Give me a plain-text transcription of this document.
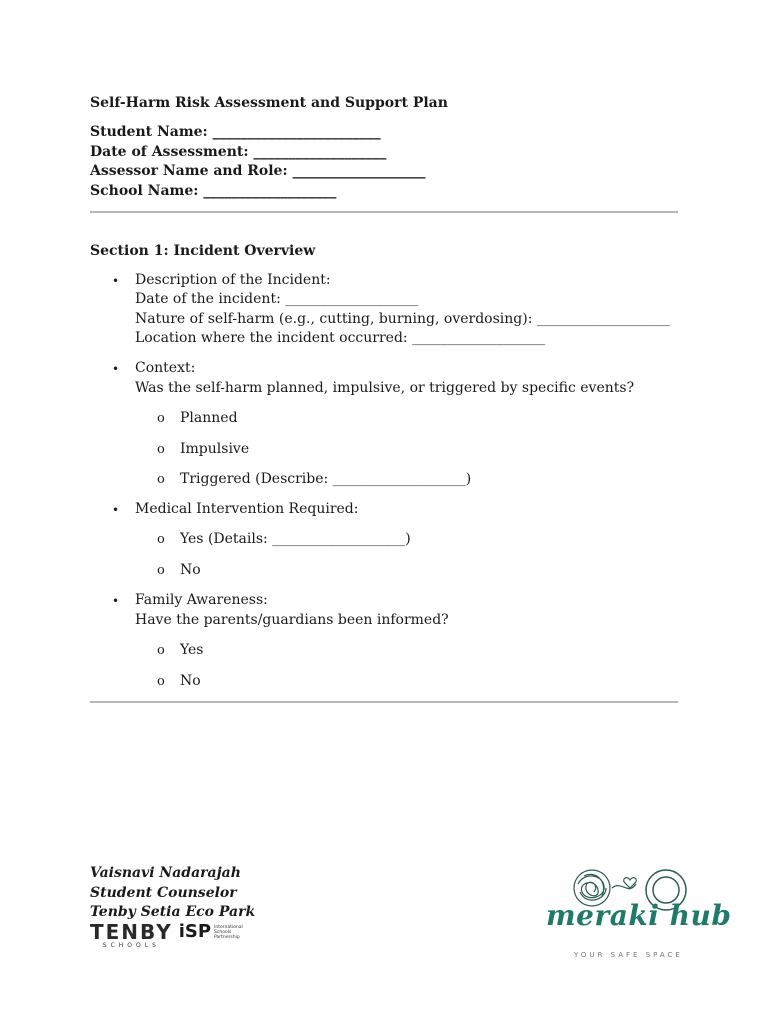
Self-Harm Risk Assessment and Support Plan
Student Name: ________________________
Date of Assessment: ___________________
Assessor Name and Role: ___________________
School Name: ___________________
Section 1: Incident Overview
• Description of the Incident:
Date of the incident: ___________________
Nature of self-harm (e.g., cutting, burning, overdosing): ___________________
Location where the incident occurred: ___________________
• Context:
Was the self-harm planned, impulsive, or triggered by specific events?
o Planned
o Impulsive
o Triggered (Describe: ___________________)
• Medical Intervention Required:
o Yes (Details: ___________________)
o No
• Family Awareness:
Have the parents/guardians been informed?
o Yes
o No
Vaisnavi Nadarajah
Student Counselor
Tenby Setia Eco Park
TENBY
SCHOOLS
iSP International
Schools
Partnership
meraki hub
YOUR SAFE SPACE
